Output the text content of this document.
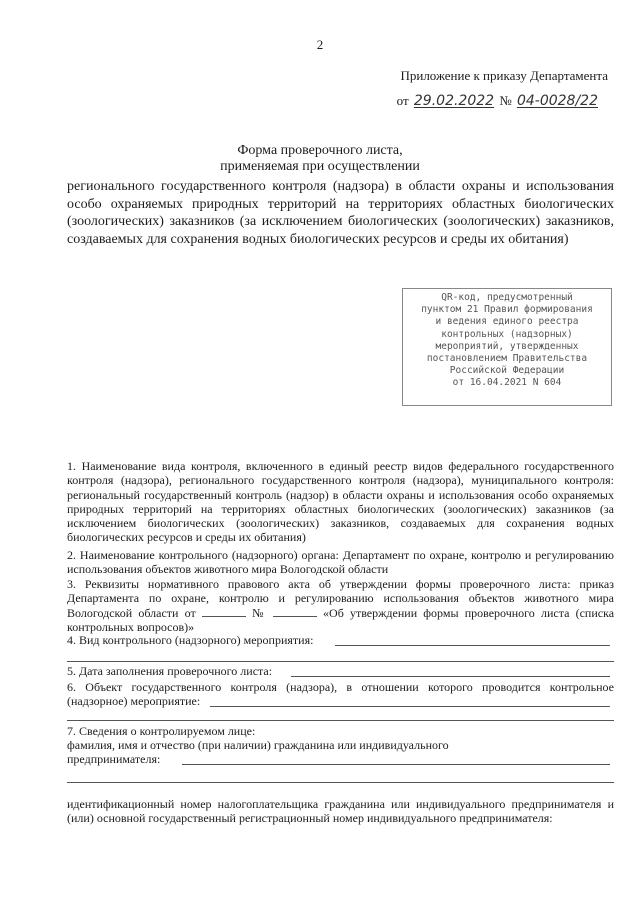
2
Приложение к приказу Департамента
от 29.02.2022 № 04-0028/22
Форма проверочного листа,
применяемая при осуществлении
регионального государственного контроля (надзора) в области охраны и использования особо охраняемых природных территорий на территориях областных биологических (зоологических) заказников (за исключением биологических (зоологических) заказников, создаваемых для сохранения водных биологических ресурсов и среды их обитания)
QR-код, предусмотренный
пунктом 21 Правил формирования
и ведения единого реестра
контрольных (надзорных)
мероприятий, утвержденных
постановлением Правительства
Российской Федерации
от 16.04.2021 N 604

1. Наименование вида контроля, включенного в единый реестр видов федерального государственного контроля (надзора), регионального государственного контроля (надзора), муниципального контроля: региональный государственный контроль (надзор) в области охраны и использования особо охраняемых природных территорий на территориях областных биологических (зоологических) заказников (за исключением биологических (зоологических) заказников, создаваемых для сохранения водных биологических ресурсов и среды их обитания)

2. Наименование контрольного (надзорного) органа: Департамент по охране, контролю и регулированию использования объектов животного мира Вологодской области

3. Реквизиты нормативного правового акта об утверждении формы проверочного листа: приказ Департамента по охране, контролю и регулированию использования объектов животного мира Вологодской области от	№	«Об утверждении формы проверочного листа (списка контрольных вопросов)»

4. Вид контрольного (надзорного) мероприятия:

5. Дата заполнения проверочного листа:

6. Объект государственного контроля (надзора), в отношении которого проводится контрольное (надзорное) мероприятие:

7. Сведения о контролируемом лице:

фамилия, имя и отчество (при наличии) гражданина или индивидуального предпринимателя:

идентификационный номер налогоплательщика гражданина или индивидуального предпринимателя и (или) основной государственный регистрационный номер индивидуального предпринимателя:
